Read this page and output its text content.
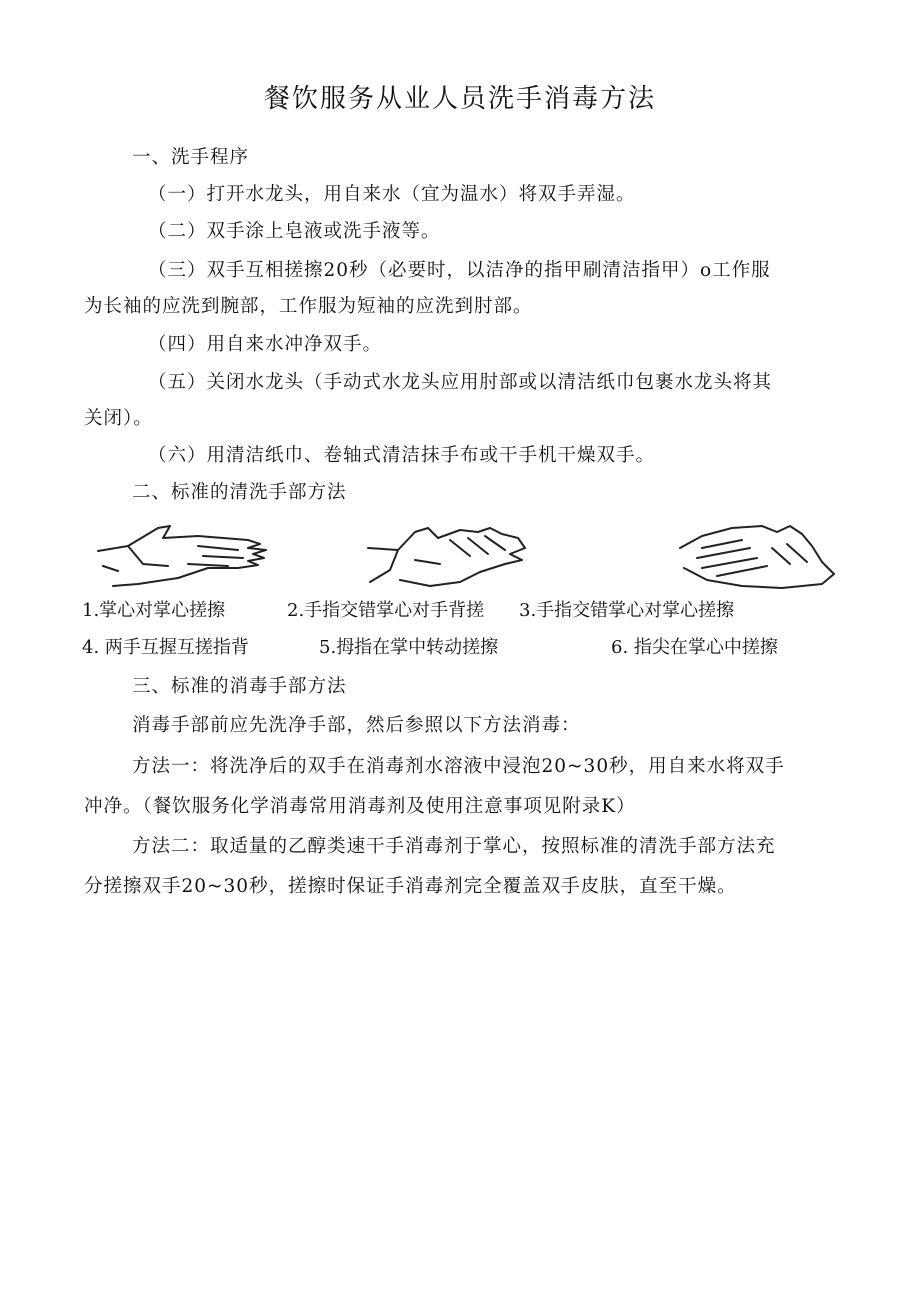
餐饮服务从业人员洗手消毒方法
一、洗手程序
（一）打开水龙头，用自来水（宜为温水）将双手弄湿。
（二）双手涂上皂液或洗手液等。
（三）双手互相搓擦20秒（必要时，以洁净的指甲刷清洁指甲）o工作服
为长袖的应洗到腕部，工作服为短袖的应洗到肘部。
（四）用自来水冲净双手。
（五）关闭水龙头（手动式水龙头应用肘部或以清洁纸巾包裹水龙头将其
关闭）。
（六）用清洁纸巾、卷轴式清洁抹手布或干手机干燥双手。
二、标准的清洗手部方法
1.掌心对掌心搓擦	2.手指交错掌心对手背搓 3.手指交错掌心对掌心搓擦
4. 两手互握互搓指背	5.拇指在掌中转动搓擦	6. 指尖在掌心中搓擦
三、标准的消毒手部方法
消毒手部前应先洗净手部，然后参照以下方法消毒：
方法一：将洗净后的双手在消毒剂水溶液中浸泡20~30秒，用自来水将双手
冲净。（餐饮服务化学消毒常用消毒剂及使用注意事项见附录K）
方法二：取适量的乙醇类速干手消毒剂于掌心，按照标准的清洗手部方法充
分搓擦双手20~30秒，搓擦时保证手消毒剂完全覆盖双手皮肤，直至干燥。
